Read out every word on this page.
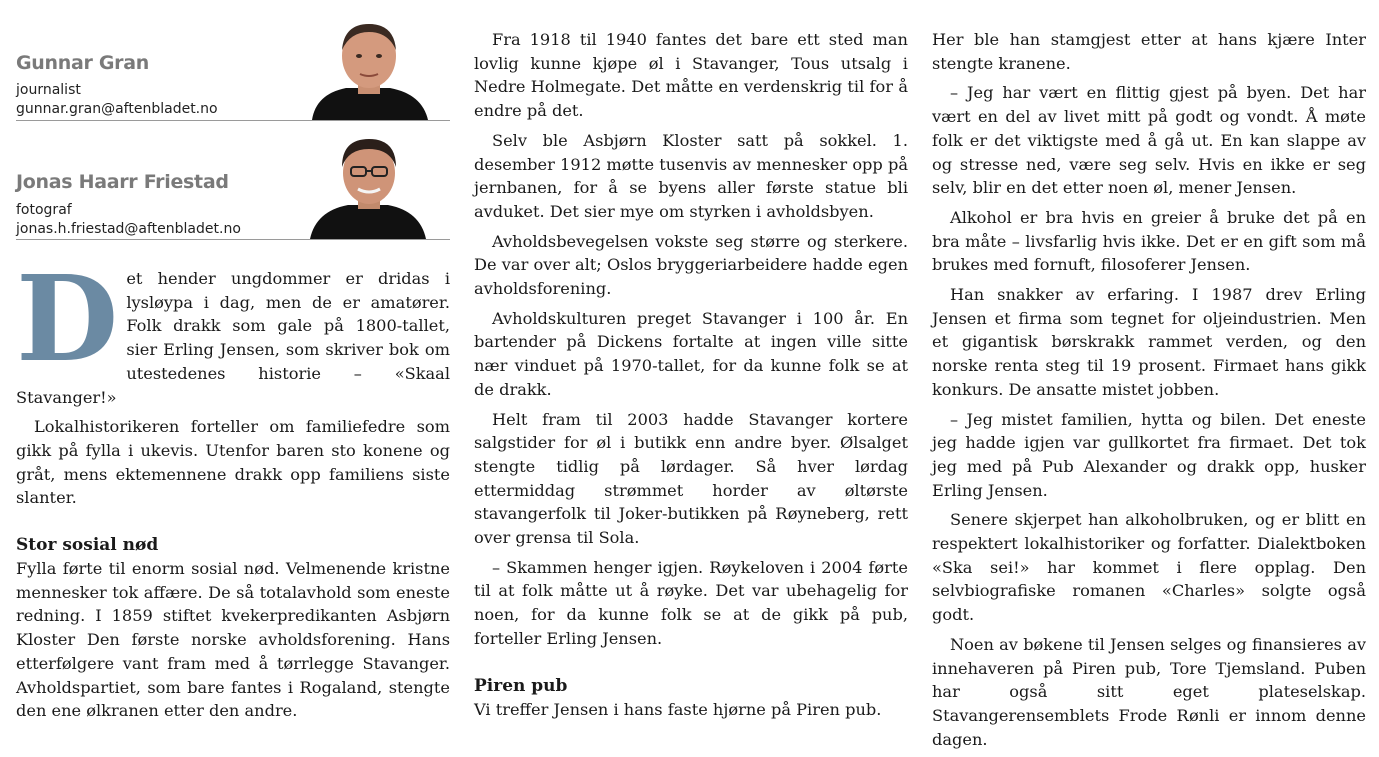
Gunnar Gran
journalist
gunnar.gran@aftenbladet.no
Jonas Haarr Friestad
fotograf
jonas.h.friestad@aftenbladet.no

Det hender ungdommer er dridas i lysløypa i dag, men de er amatører. Folk drakk som gale på 1800-tallet, sier Erling Jensen, som skriver bok om utestedenes historie – «Skaal Stavanger!»

Lokalhistorikeren forteller om familiefedre som gikk på fylla i ukevis. Utenfor baren sto konene og gråt, mens ektemennene drakk opp familiens siste slanter.

Stor sosial nød

Fylla førte til enorm sosial nød. Velmenende kristne mennesker tok affære. De så totalavhold som eneste redning. I 1859 stiftet kvekerpredikanten Asbjørn Kloster Den første norske avholdsforening. Hans etterfølgere vant fram med å tørrlegge Stavanger. Avholdspartiet, som bare fantes i Rogaland, stengte den ene ølkranen etter den andre.

Fra 1918 til 1940 fantes det bare ett sted man lovlig kunne kjøpe øl i Stavanger, Tous utsalg i Nedre Holmegate. Det måtte en verdenskrig til for å endre på det.

Selv ble Asbjørn Kloster satt på sokkel. 1. desember 1912 møtte tusenvis av mennesker opp på jernbanen, for å se byens aller første statue bli avduket. Det sier mye om styrken i avholdsbyen.

Avholdsbevegelsen vokste seg større og sterkere. De var over alt; Oslos bryggeriarbeidere hadde egen avholdsforening.

Avholdskulturen preget Stavanger i 100 år. En bartender på Dickens fortalte at ingen ville sitte nær vinduet på 1970-tallet, for da kunne folk se at de drakk.

Helt fram til 2003 hadde Stavanger kortere salgstider for øl i butikk enn andre byer. Ølsalget stengte tidlig på lørdager. Så hver lørdag ettermiddag strømmet horder av øltørste stavangerfolk til Joker-butikken på Røyneberg, rett over grensa til Sola.

– Skammen henger igjen. Røykeloven i 2004 førte til at folk måtte ut å røyke. Det var ubehagelig for noen, for da kunne folk se at de gikk på pub, forteller Erling Jensen.

Piren pub

Vi treffer Jensen i hans faste hjørne på Piren pub.

Her ble han stamgjest etter at hans kjære Inter stengte kranene.

– Jeg har vært en flittig gjest på byen. Det har vært en del av livet mitt på godt og vondt. Å møte folk er det viktigste med å gå ut. En kan slappe av og stresse ned, være seg selv. Hvis en ikke er seg selv, blir en det etter noen øl, mener Jensen.

Alkohol er bra hvis en greier å bruke det på en bra måte – livsfarlig hvis ikke. Det er en gift som må brukes med fornuft, filosoferer Jensen.

Han snakker av erfaring. I 1987 drev Erling Jensen et firma som tegnet for oljeindustrien. Men et gigantisk børskrakk rammet verden, og den norske renta steg til 19 prosent. Firmaet hans gikk konkurs. De ansatte mistet jobben.

– Jeg mistet familien, hytta og bilen. Det eneste jeg hadde igjen var gullkortet fra firmaet. Det tok jeg med på Pub Alexander og drakk opp, husker Erling Jensen.

Senere skjerpet han alkoholbruken, og er blitt en respektert lokalhistoriker og forfatter. Dialektboken «Ska sei!» har kommet i flere opplag. Den selvbiografiske romanen «Charles» solgte også godt.

Noen av bøkene til Jensen selges og finansieres av innehaveren på Piren pub, Tore Tjemsland. Puben har også sitt eget plateselskap. Stavangerensemblets Frode Rønli er innom denne dagen.
